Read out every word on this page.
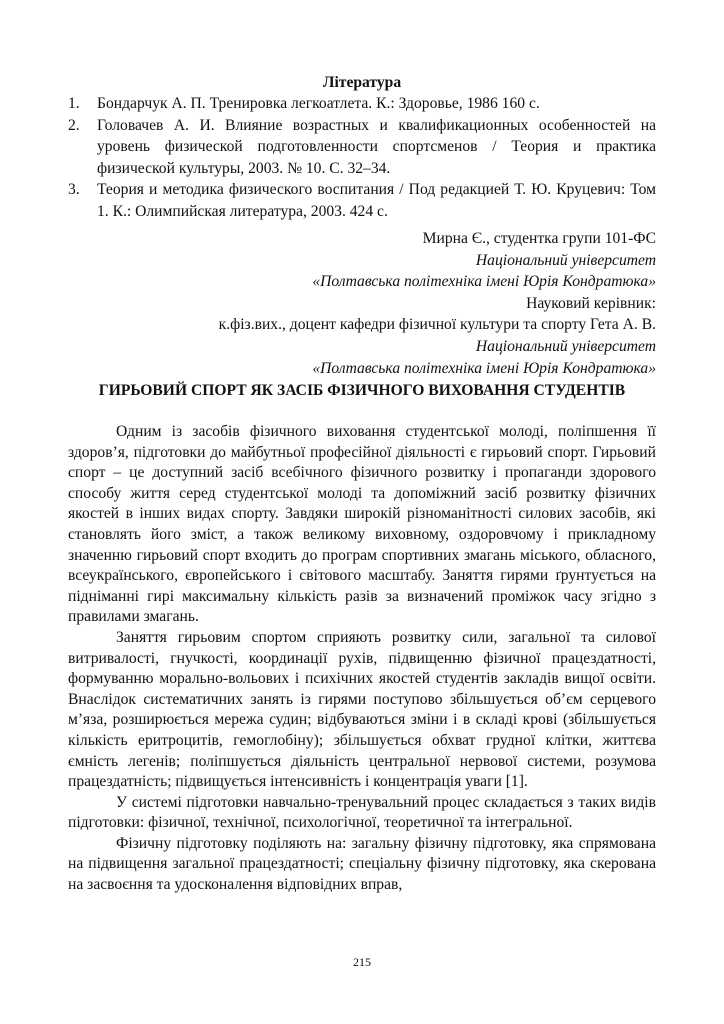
Література
1. Бондарчук А. П. Тренировка легкоатлета. К.: Здоровье, 1986 160 с.
2. Головачев А. И. Влияние возрастных и квалификационных особенностей на уровень физической подготовленности спортсменов / Теория и практика физической культуры, 2003. № 10. С. 32–34.
3. Теория и методика физического воспитания / Под редакцией Т. Ю. Круцевич: Том 1. К.: Олимпийская литература, 2003. 424 с.
Мирна Є., студентка групи 101-ФС
Національний університет
«Полтавська політехніка імені Юрія Кондратюка»
Науковий керівник:
к.фіз.вих., доцент кафедри фізичної культури та спорту Гета А. В.
Національний університет
«Полтавська політехніка імені Юрія Кондратюка»
ГИРЬОВИЙ СПОРТ ЯК ЗАСІБ ФІЗИЧНОГО ВИХОВАННЯ СТУДЕНТІВ

Одним із засобів фізичного виховання студентської молоді, поліпшення її здоров’я, підготовки до майбутньої професійної діяльності є гирьовий спорт. Гирьовий спорт – це доступний засіб всебічного фізичного розвитку і пропаганди здорового способу життя серед студентської молоді та допоміжний засіб розвитку фізичних якостей в інших видах спорту. Завдяки широкій різноманітності силових засобів, які становлять його зміст, а також великому виховному, оздоровчому і прикладному значенню гирьовий спорт входить до програм спортивних змагань міського, обласного, всеукраїнського, європейського і світового масштабу. Заняття гирями ґрунтується на підніманні гирі максимальну кількість разів за визначений проміжок часу згідно з правилами змагань.

Заняття гирьовим спортом сприяють розвитку сили, загальної та силової витривалості, гнучкості, координації рухів, підвищенню фізичної працездатності, формуванню морально-вольових і психічних якостей студентів закладів вищої освіти. Внаслідок систематичних занять із гирями поступово збільшується об’єм серцевого м’яза, розширюється мережа судин; відбуваються зміни і в складі крові (збільшується кількість еритроцитів, гемоглобіну); збільшується обхват грудної клітки, життєва ємність легенів; поліпшується діяльність центральної нервової системи, розумова працездатність; підвищується інтенсивність і концентрація уваги [1].

У системі підготовки навчально-тренувальний процес складається з таких видів підготовки: фізичної, технічної, психологічної, теоретичної та інтегральної.

Фізичну підготовку поділяють на: загальну фізичну підготовку, яка спрямована на підвищення загальної працездатності; спеціальну фізичну підготовку, яка скерована на засвоєння та удосконалення відповідних вправ,

215
